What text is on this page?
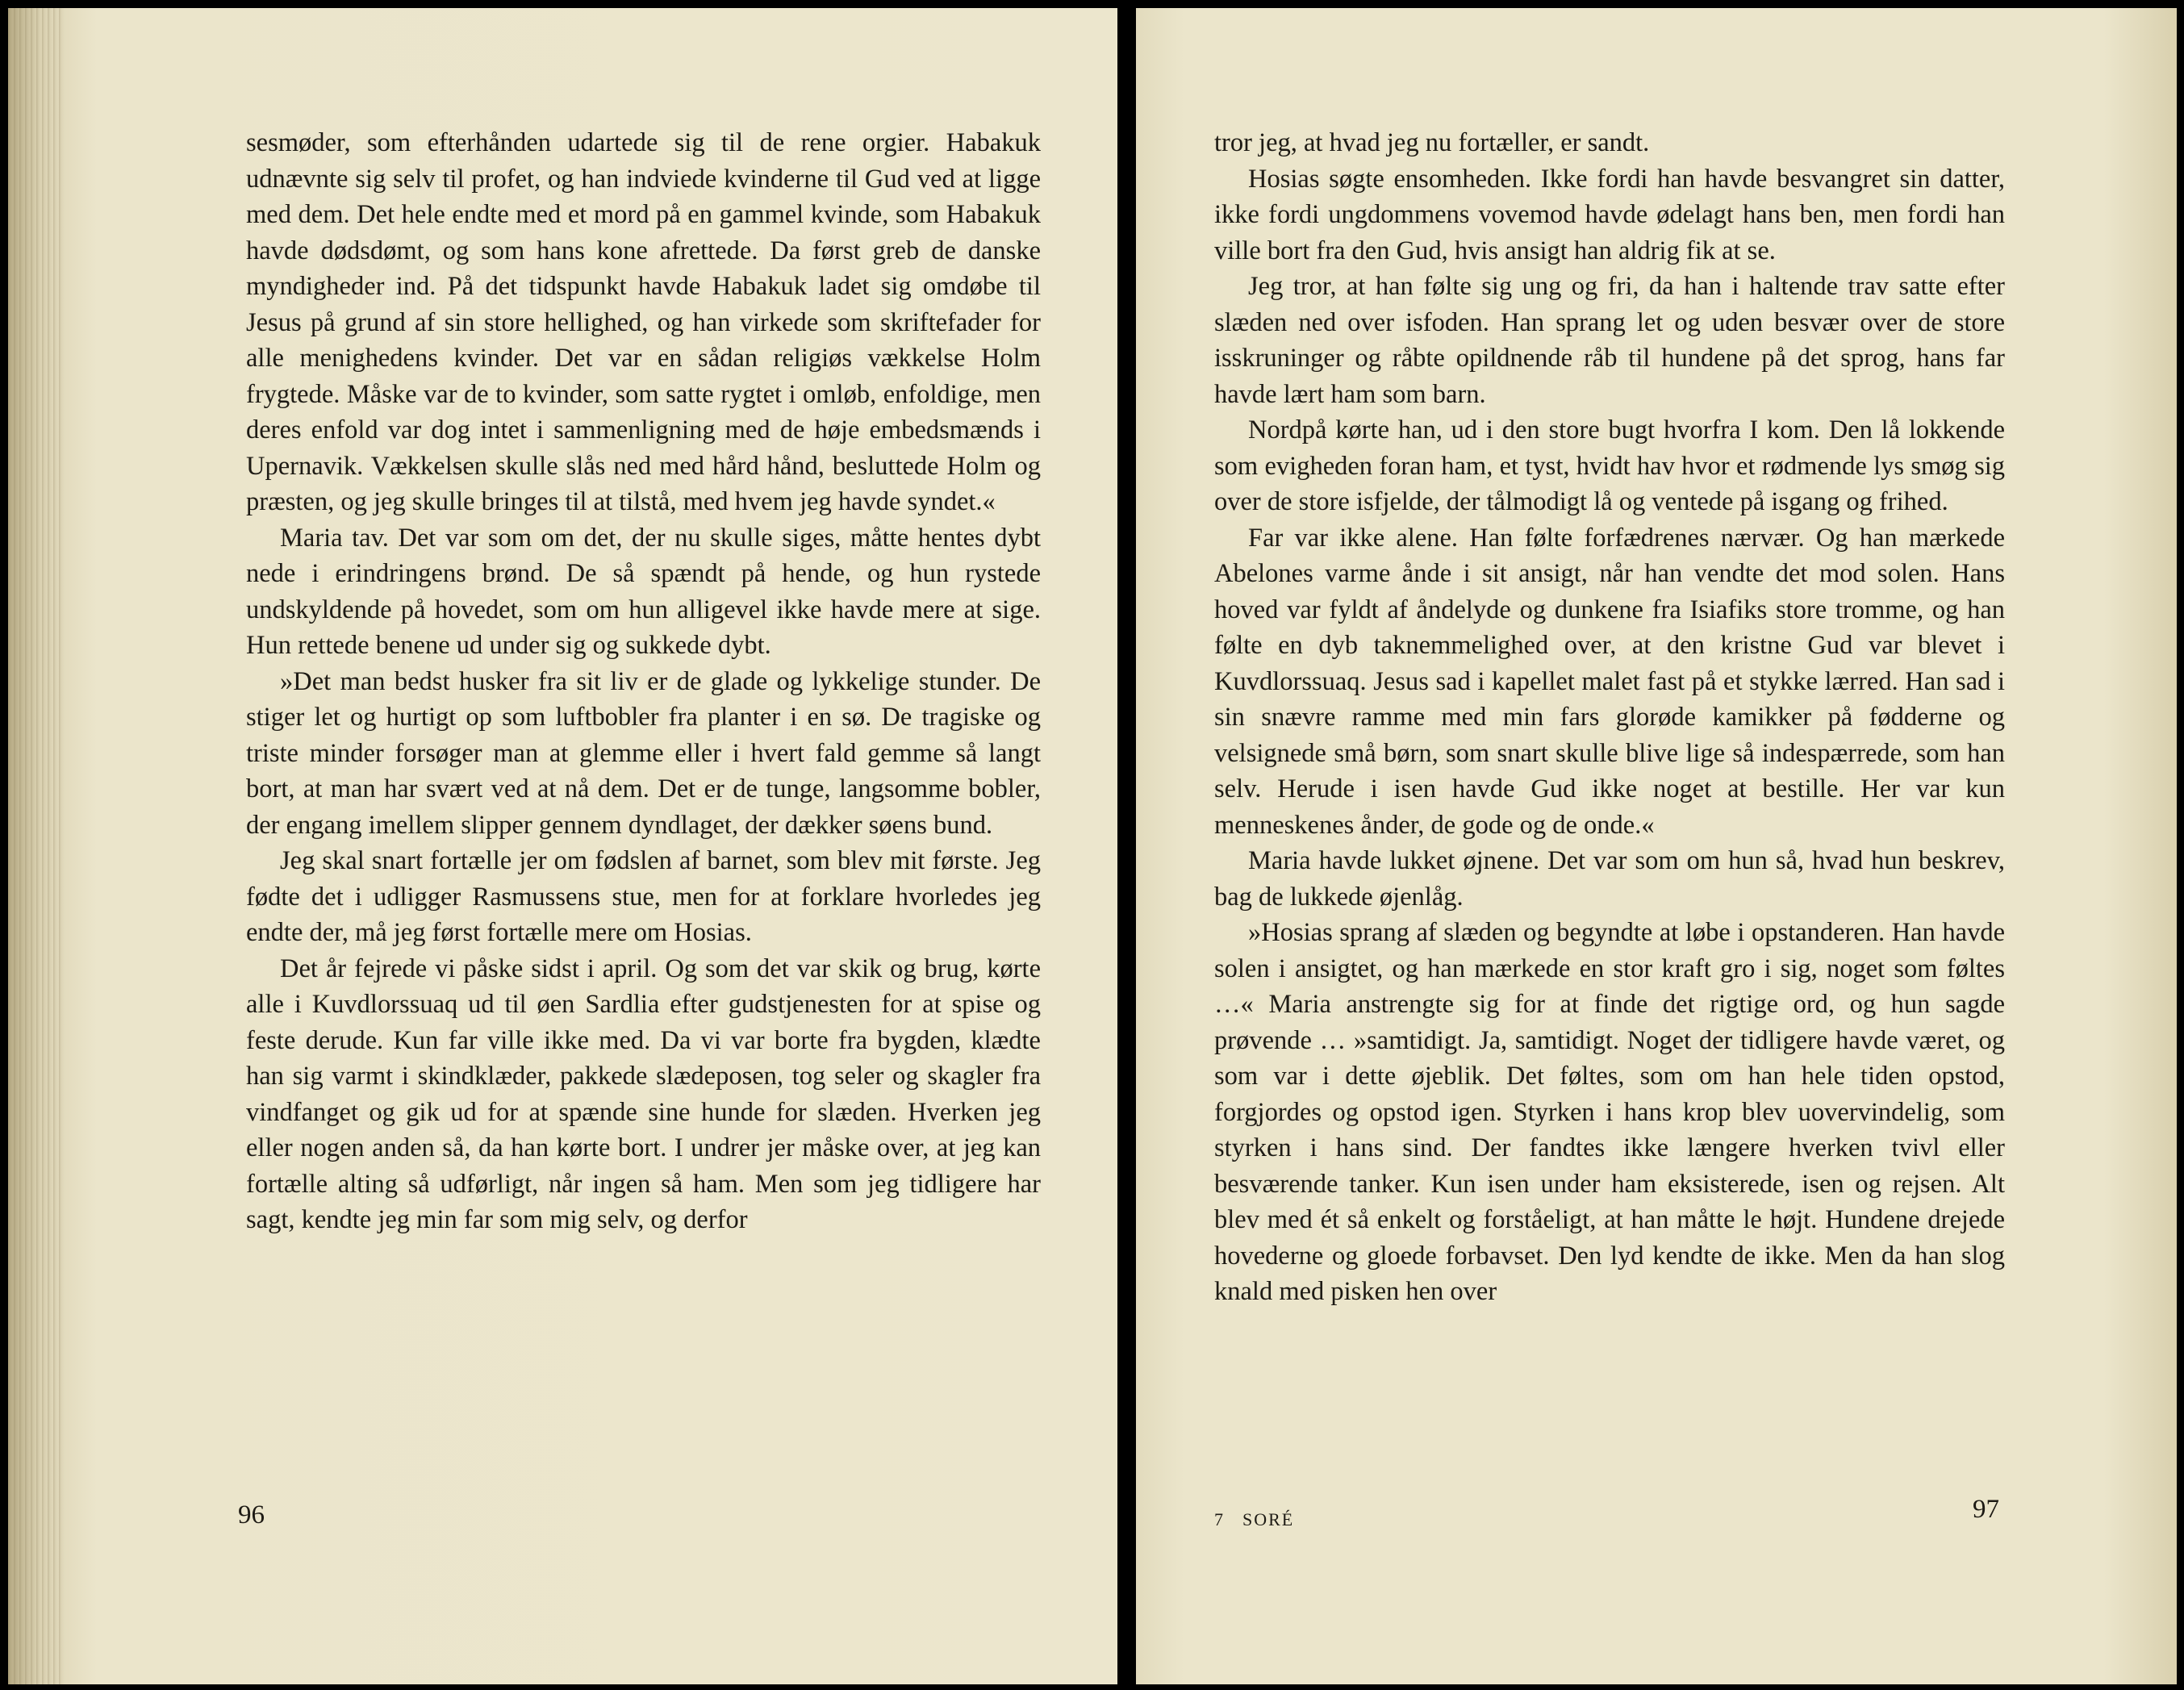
sesmøder, som efterhånden udartede sig til de rene orgier. Habakuk udnævnte sig selv til profet, og han indviede kvinderne til Gud ved at ligge med dem. Det hele endte med et mord på en gammel kvinde, som Habakuk havde dødsdømt, og som hans kone afrettede. Da først greb de danske myndigheder ind. På det tidspunkt havde Habakuk ladet sig omdøbe til Jesus på grund af sin store hellighed, og han virkede som skriftefader for alle menighedens kvinder. Det var en sådan religiøs vækkelse Holm frygtede. Måske var de to kvinder, som satte rygtet i omløb, enfoldige, men deres enfold var dog intet i sammenligning med de høje embedsmænds i Upernavik. Vækkelsen skulle slås ned med hård hånd, besluttede Holm og præsten, og jeg skulle bringes til at tilstå, med hvem jeg havde syndet.«

Maria tav. Det var som om det, der nu skulle siges, måtte hentes dybt nede i erindringens brønd. De så spændt på hende, og hun rystede undskyldende på hovedet, som om hun alligevel ikke havde mere at sige. Hun rettede benene ud under sig og sukkede dybt.

»Det man bedst husker fra sit liv er de glade og lykkelige stunder. De stiger let og hurtigt op som luftbobler fra planter i en sø. De tragiske og triste minder forsøger man at glemme eller i hvert fald gemme så langt bort, at man har svært ved at nå dem. Det er de tunge, langsomme bobler, der engang imellem slipper gennem dyndlaget, der dækker søens bund.

Jeg skal snart fortælle jer om fødslen af barnet, som blev mit første. Jeg fødte det i udligger Rasmussens stue, men for at forklare hvorledes jeg endte der, må jeg først fortælle mere om Hosias.

Det år fejrede vi påske sidst i april. Og som det var skik og brug, kørte alle i Kuvdlorssuaq ud til øen Sardlia efter gudstjenesten for at spise og feste derude. Kun far ville ikke med. Da vi var borte fra bygden, klædte han sig varmt i skindklæder, pakkede slædeposen, tog seler og skagler fra vindfanget og gik ud for at spænde sine hunde for slæden. Hverken jeg eller nogen anden så, da han kørte bort. I undrer jer måske over, at jeg kan fortælle alting så udførligt, når ingen så ham. Men som jeg tidligere har sagt, kendte jeg min far som mig selv, og derfor

96

tror jeg, at hvad jeg nu fortæller, er sandt.

Hosias søgte ensomheden. Ikke fordi han havde besvangret sin datter, ikke fordi ungdommens vovemod havde ødelagt hans ben, men fordi han ville bort fra den Gud, hvis ansigt han aldrig fik at se.

Jeg tror, at han følte sig ung og fri, da han i haltende trav satte efter slæden ned over isfoden. Han sprang let og uden besvær over de store isskruninger og råbte opildnende råb til hundene på det sprog, hans far havde lært ham som barn.

Nordpå kørte han, ud i den store bugt hvorfra I kom. Den lå lokkende som evigheden foran ham, et tyst, hvidt hav hvor et rødmende lys smøg sig over de store isfjelde, der tålmodigt lå og ventede på isgang og frihed.

Far var ikke alene. Han følte forfædrenes nærvær. Og han mærkede Abelones varme ånde i sit ansigt, når han vendte det mod solen. Hans hoved var fyldt af åndelyde og dunkene fra Isiafiks store tromme, og han følte en dyb taknemmelighed over, at den kristne Gud var blevet i Kuvdlorssuaq. Jesus sad i kapellet malet fast på et stykke lærred. Han sad i sin snævre ramme med min fars glorøde kamikker på fødderne og velsignede små børn, som snart skulle blive lige så indespærrede, som han selv. Herude i isen havde Gud ikke noget at bestille. Her var kun menneskenes ånder, de gode og de onde.«

Maria havde lukket øjnene. Det var som om hun så, hvad hun beskrev, bag de lukkede øjenlåg.

»Hosias sprang af slæden og begyndte at løbe i opstanderen. Han havde solen i ansigtet, og han mærkede en stor kraft gro i sig, noget som føltes …« Maria anstrengte sig for at finde det rigtige ord, og hun sagde prøvende … »samtidigt. Ja, samtidigt. Noget der tidligere havde været, og som var i dette øjeblik. Det føltes, som om han hele tiden opstod, forgjordes og opstod igen. Styrken i hans krop blev uovervindelig, som styrken i hans sind. Der fandtes ikke længere hverken tvivl eller besværende tanker. Kun isen under ham eksisterede, isen og rejsen. Alt blev med ét så enkelt og forståeligt, at han måtte le højt. Hundene drejede hovederne og gloede forbavset. Den lyd kendte de ikke. Men da han slog knald med pisken hen over

7 SORÉ	97
